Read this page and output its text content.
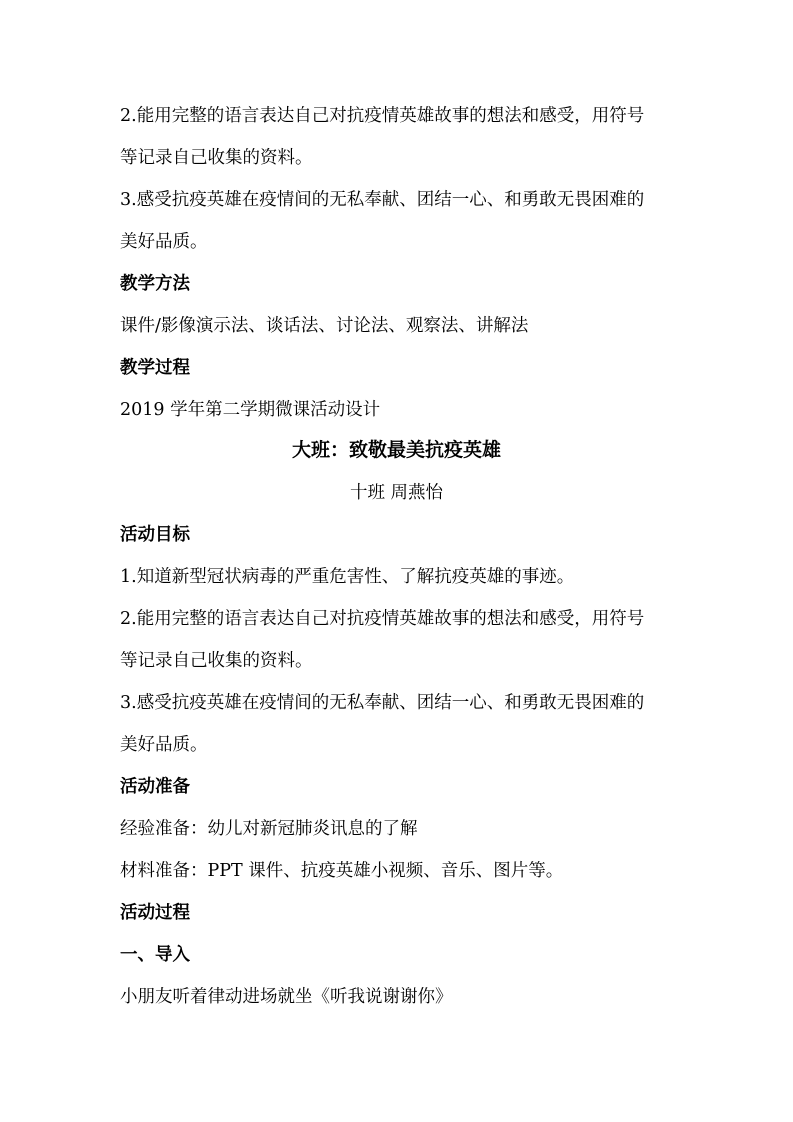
2.能用完整的语言表达自己对抗疫情英雄故事的想法和感受，用符号
等记录自己收集的资料。
3.感受抗疫英雄在疫情间的无私奉献、团结一心、和勇敢无畏困难的
美好品质。
教学方法
课件/影像演示法、谈话法、讨论法、观察法、讲解法
教学过程
2019 学年第二学期微课活动设计
大班：致敬最美抗疫英雄
十班 周燕怡
活动目标
1.知道新型冠状病毒的严重危害性、了解抗疫英雄的事迹。
2.能用完整的语言表达自己对抗疫情英雄故事的想法和感受，用符号
等记录自己收集的资料。
3.感受抗疫英雄在疫情间的无私奉献、团结一心、和勇敢无畏困难的
美好品质。
活动准备
经验准备：幼儿对新冠肺炎讯息的了解
材料准备：PPT 课件、抗疫英雄小视频、音乐、图片等。
活动过程
一、导入
小朋友听着律动进场就坐《听我说谢谢你》
